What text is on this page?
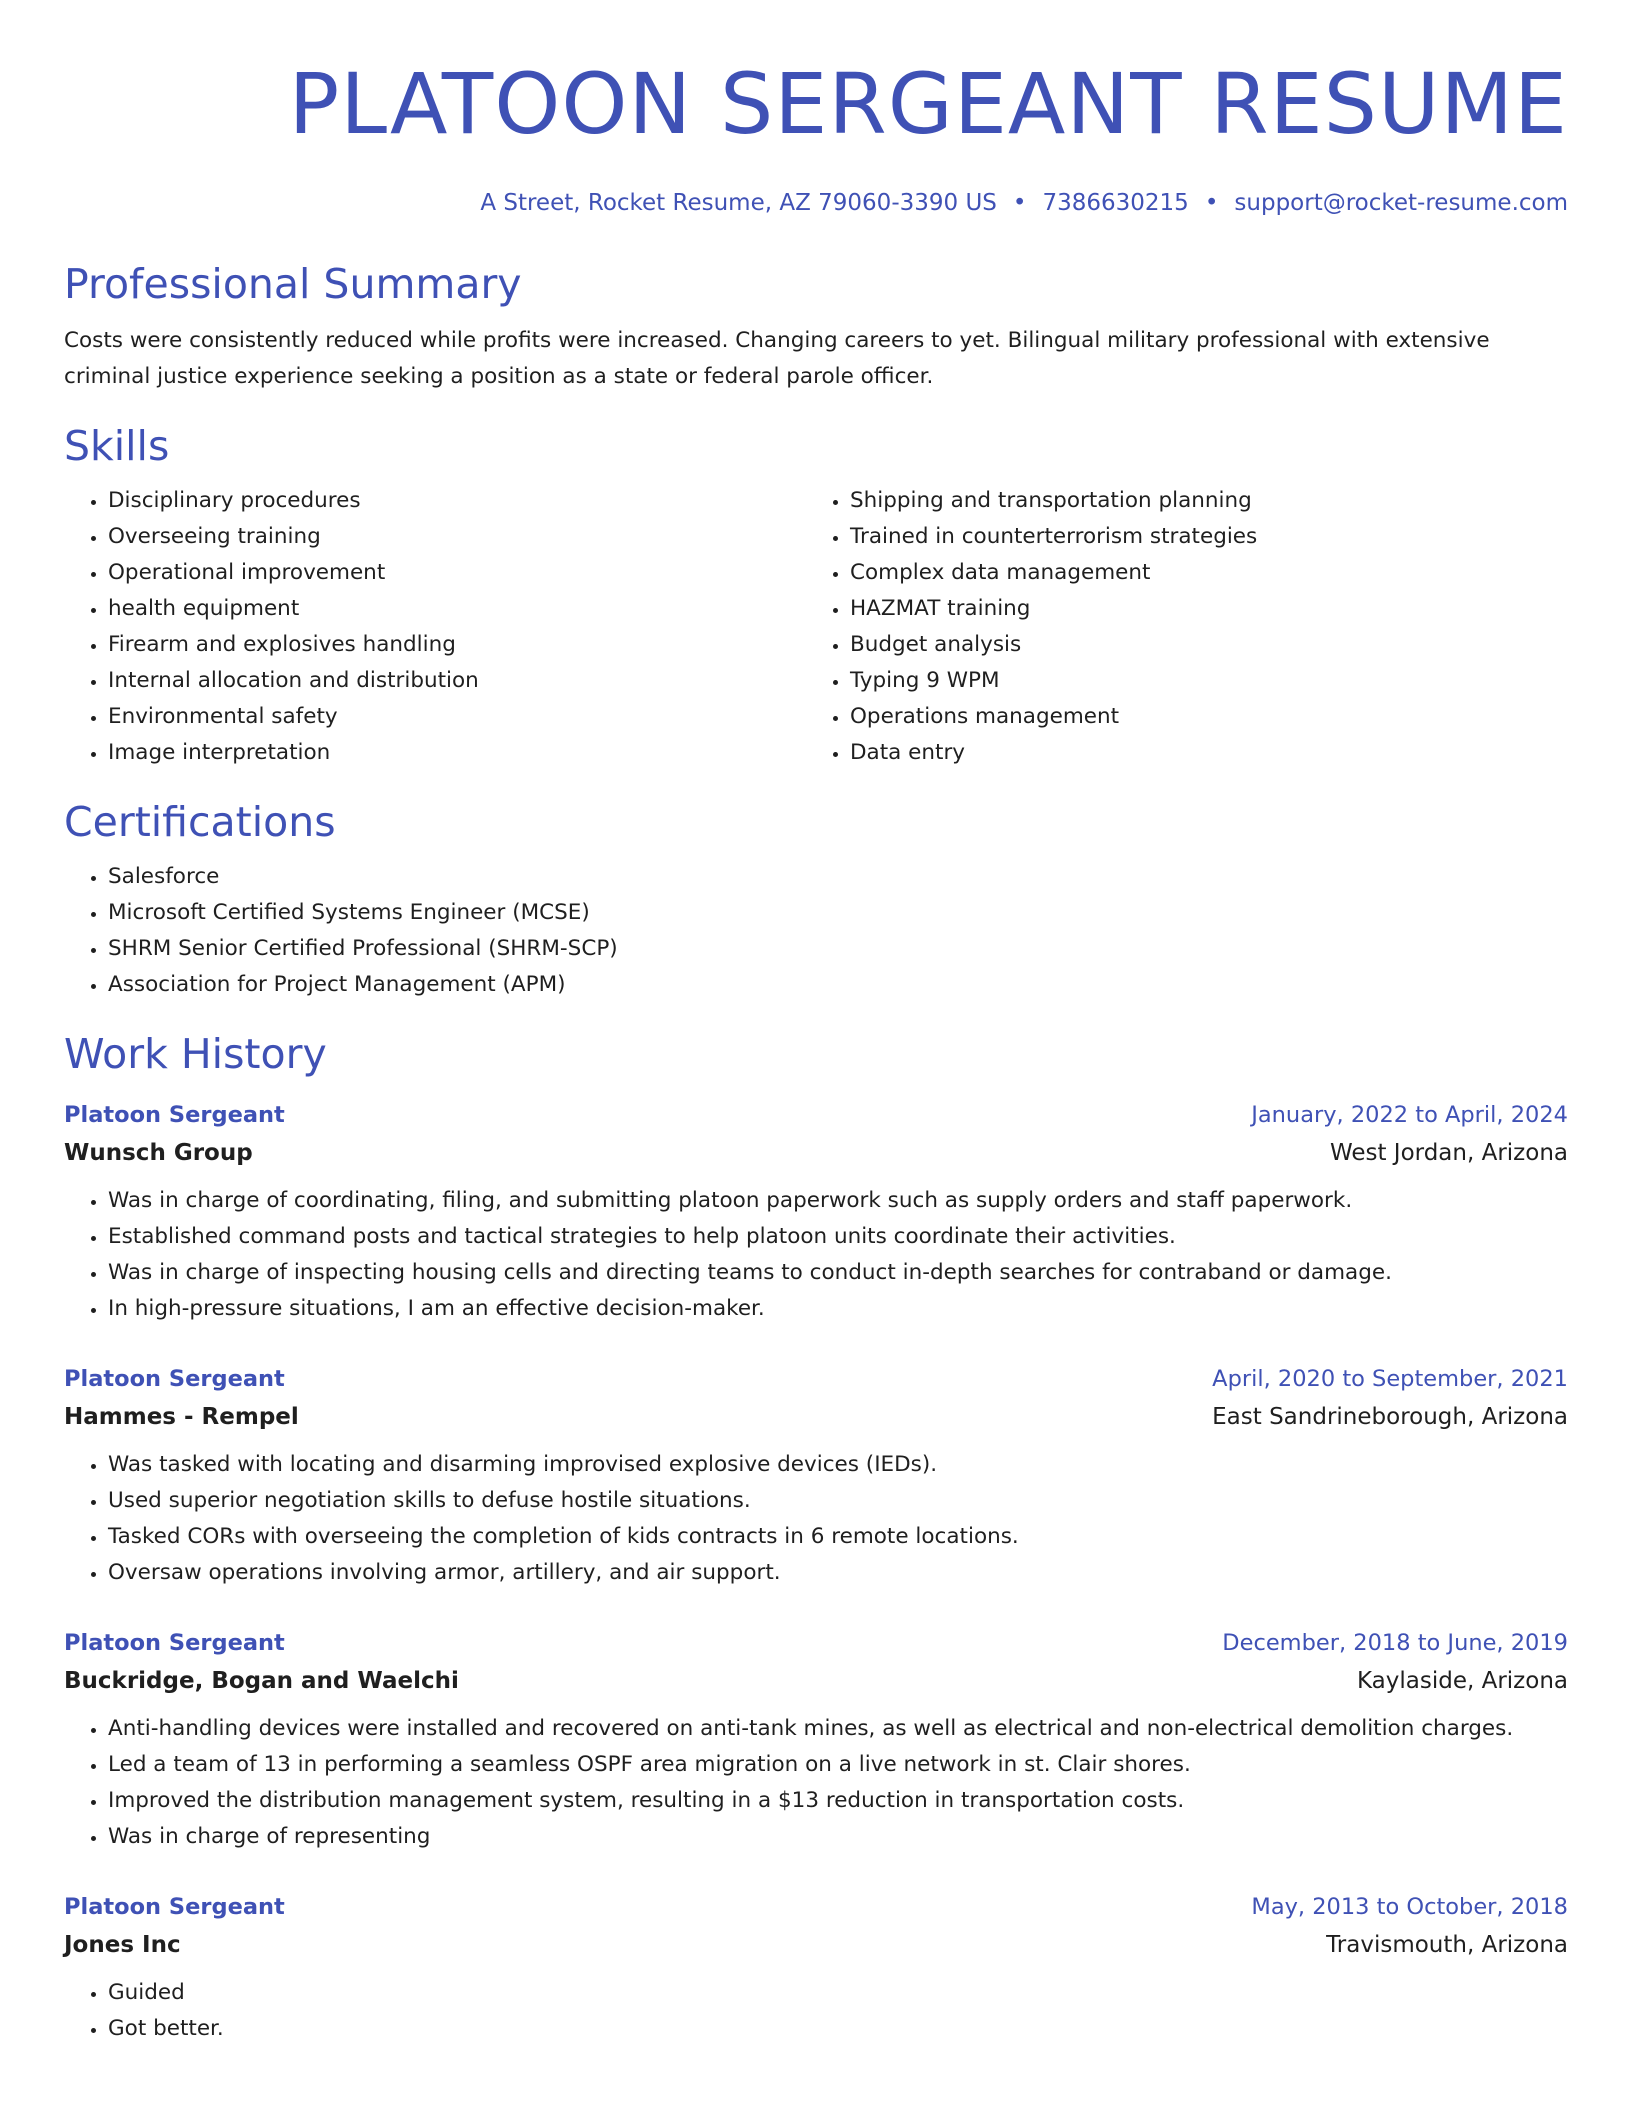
PLATOON SERGEANT RESUME
A Street, Rocket Resume, AZ 79060-3390 US • 7386630215 • support@rocket-resume.com
Professional Summary

Costs were consistently reduced while profits were increased. Changing careers to yet. Bilingual military professional with extensive criminal justice experience seeking a position as a state or federal parole officer.

Skills
• Disciplinary procedures
• Overseeing training
• Operational improvement
• health equipment
• Firearm and explosives handling
• Internal allocation and distribution
• Environmental safety
• Image interpretation
• Shipping and transportation planning
• Trained in counterterrorism strategies
• Complex data management
• HAZMAT training
• Budget analysis
• Typing 9 WPM
• Operations management
• Data entry
Certifications
• Salesforce
• Microsoft Certified Systems Engineer (MCSE)
• SHRM Senior Certified Professional (SHRM-SCP)
• Association for Project Management (APM)
Work History
Platoon Sergeant	January, 2022 to April, 2024
Wunsch Group	West Jordan, Arizona
• Was in charge of coordinating, filing, and submitting platoon paperwork such as supply orders and staff paperwork.
• Established command posts and tactical strategies to help platoon units coordinate their activities.
• Was in charge of inspecting housing cells and directing teams to conduct in-depth searches for contraband or damage.
• In high-pressure situations, I am an effective decision-maker.
Platoon Sergeant	April, 2020 to September, 2021
Hammes - Rempel	East Sandrineborough, Arizona
• Was tasked with locating and disarming improvised explosive devices (IEDs).
• Used superior negotiation skills to defuse hostile situations.
• Tasked CORs with overseeing the completion of kids contracts in 6 remote locations.
• Oversaw operations involving armor, artillery, and air support.
Platoon Sergeant	December, 2018 to June, 2019
Buckridge, Bogan and Waelchi	Kaylaside, Arizona
• Anti-handling devices were installed and recovered on anti-tank mines, as well as electrical and non-electrical demolition charges.
• Led a team of 13 in performing a seamless OSPF area migration on a live network in st. Clair shores.
• Improved the distribution management system, resulting in a $13 reduction in transportation costs.
• Was in charge of representing
Platoon Sergeant	May, 2013 to October, 2018
Jones Inc	Travismouth, Arizona
• Guided
• Got better.
